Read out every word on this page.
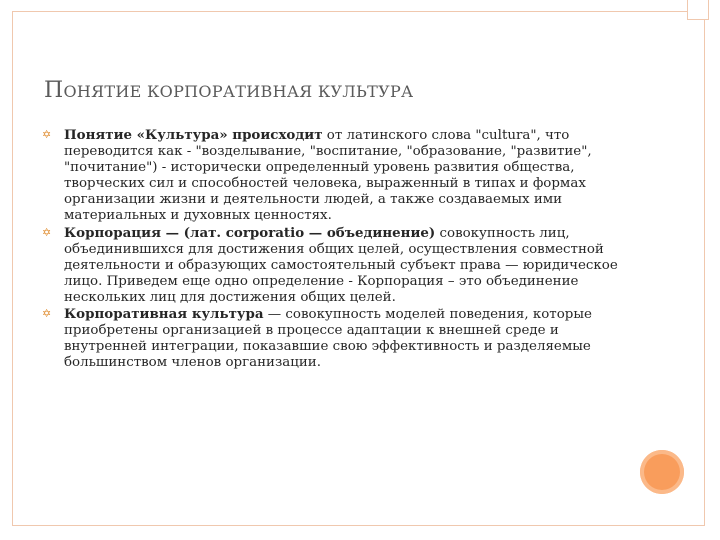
ПОНЯТИЕ КОРПОРАТИВНАЯ КУЛЬТУРА
✡ Понятие «Культура» происходит от латинского слова "cultura", что переводится как - "возделывание, "воспитание, "образование, "развитие", "почитание") - исторически определенный уровень развития общества, творческих сил и способностей человека, выраженный в типах и формах организации жизни и деятельности людей, а также создаваемых ими материальных и духовных ценностях.
✡ Корпорация — (лат. corporatio — объединение) совокупность лиц, объединившихся для достижения общих целей, осуществления совместной деятельности и образующих самостоятельный субъект права — юридическое лицо. Приведем еще одно определение - Корпорация – это объединение нескольких лиц для достижения общих целей.
✡ Корпоративная культура — совокупность моделей поведения, которые приобретены организацией в процессе адаптации к внешней среде и внутренней интеграции, показавшие свою эффективность и разделяемые большинством членов организации.
